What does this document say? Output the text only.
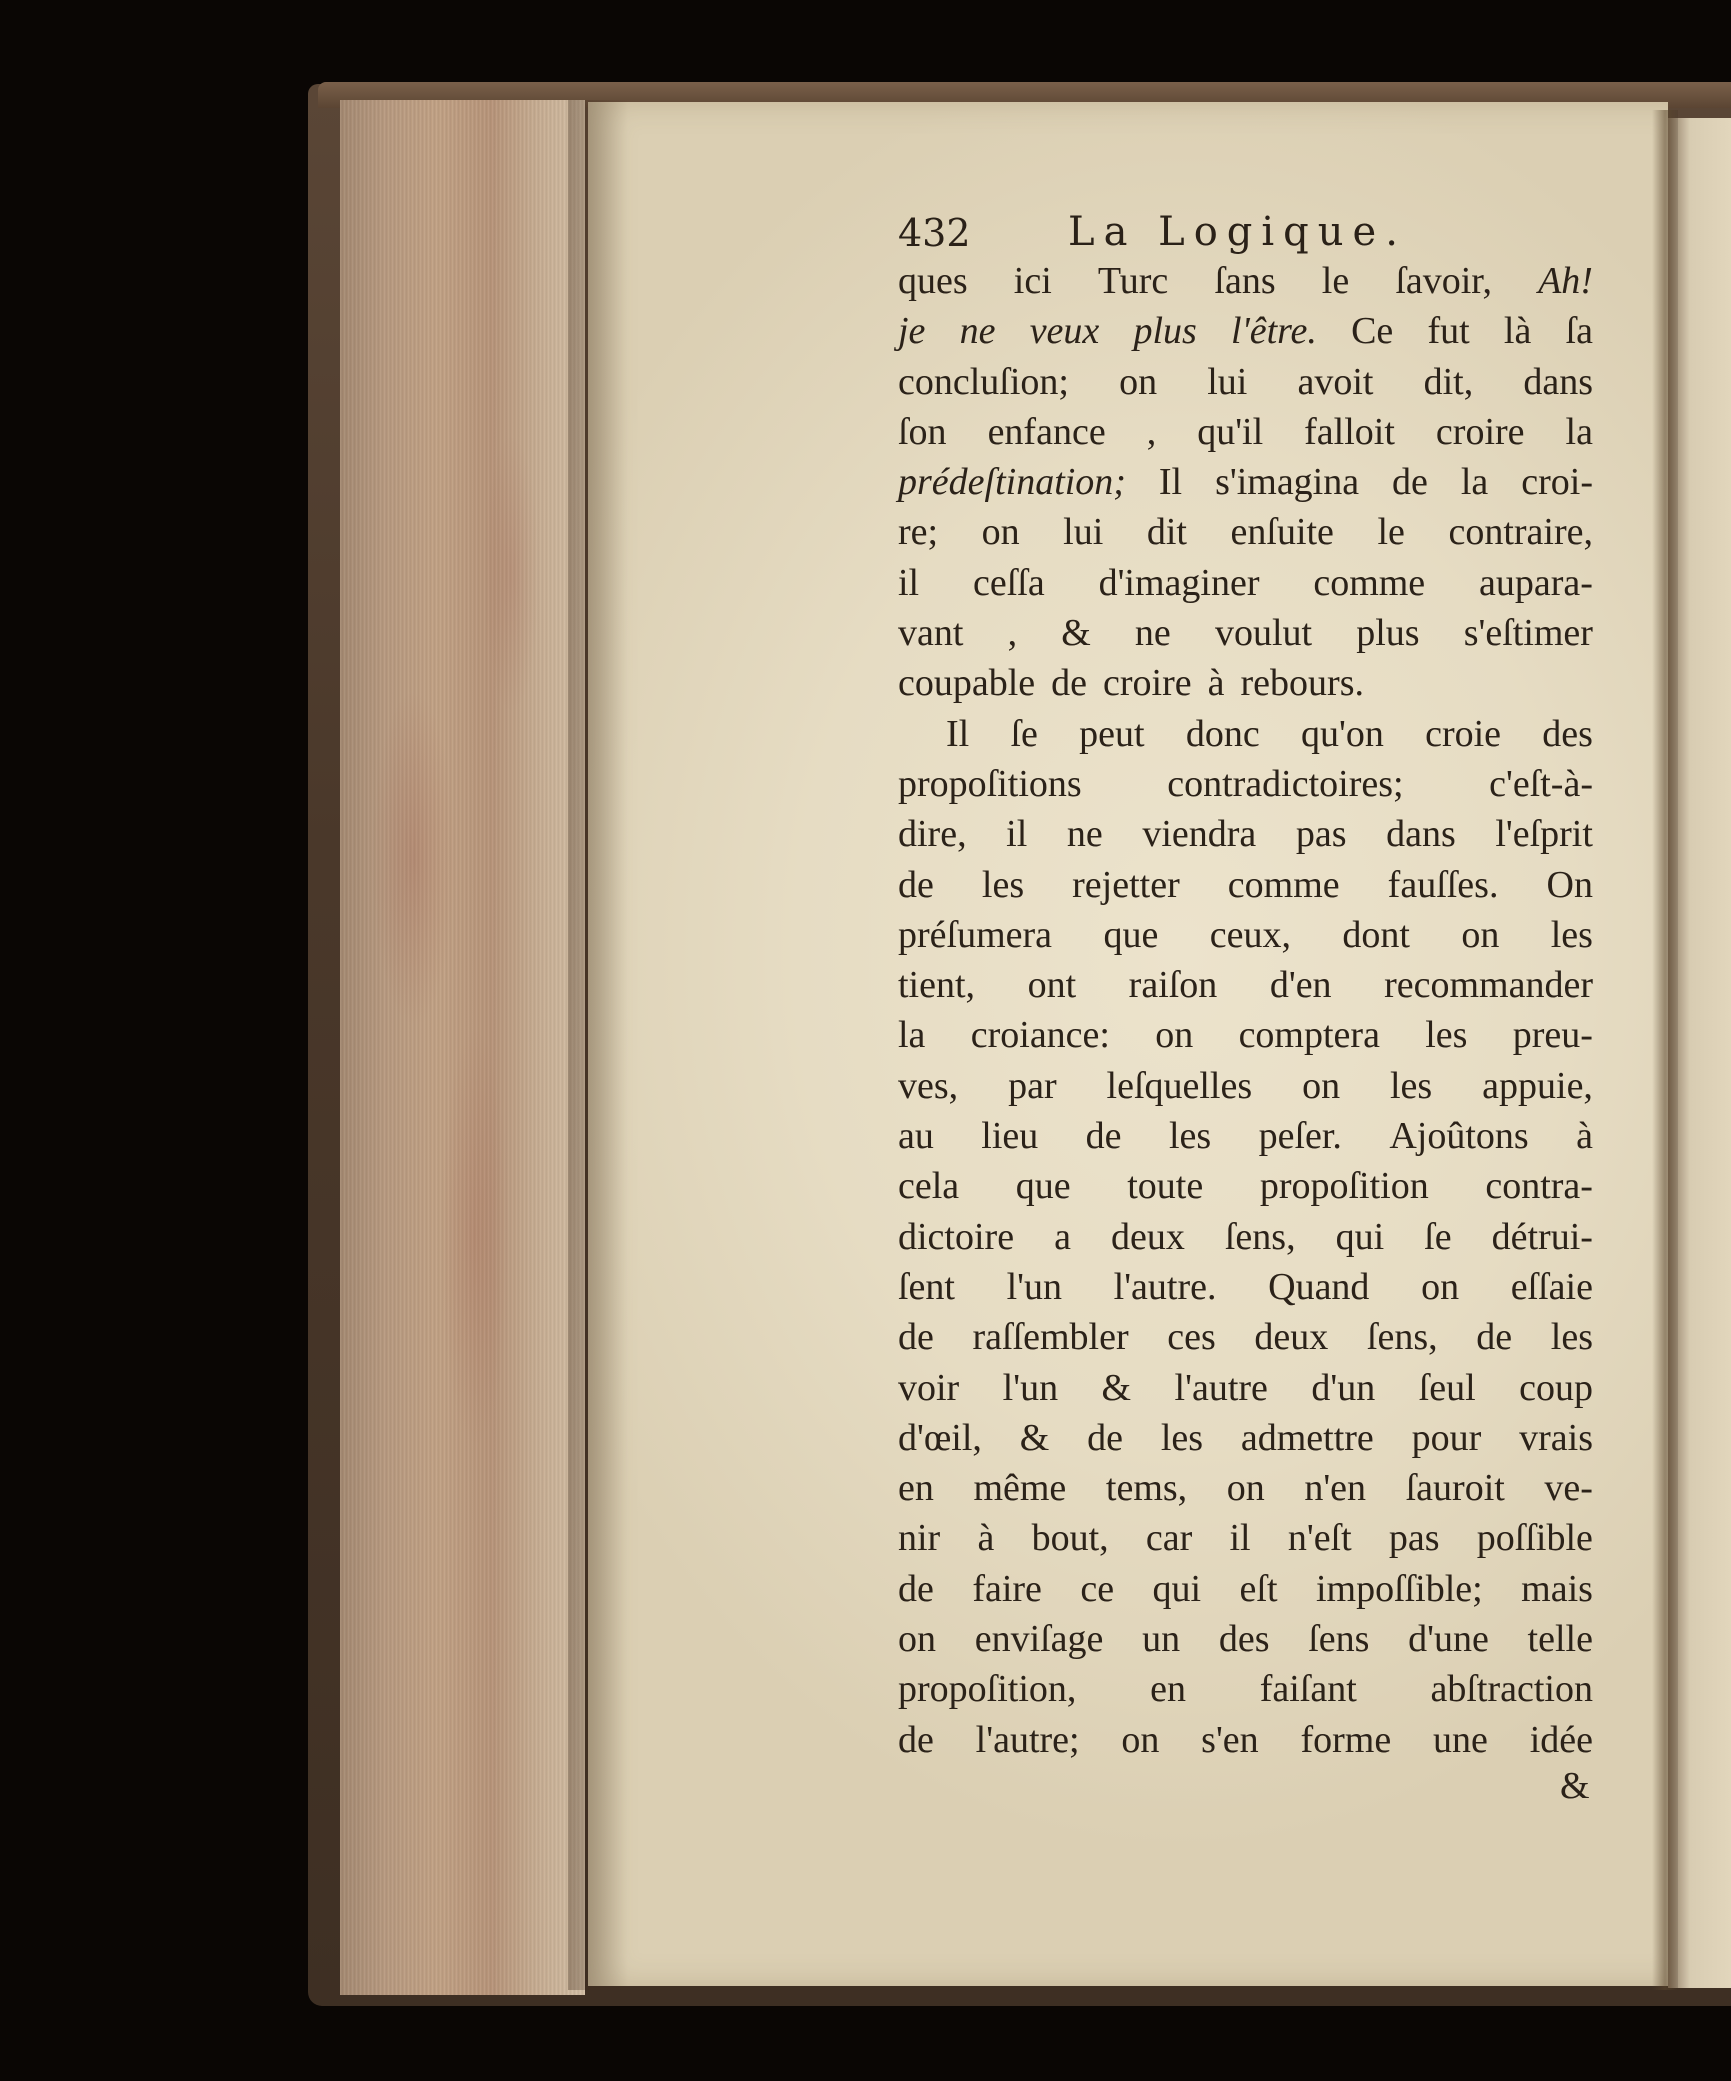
432 La Logique.
ques ici Turc ſans le ſavoir, Ah!
je ne veux plus l'être. Ce fut là ſa
concluſion; on lui avoit dit, dans
ſon enfance , qu'il falloit croire la
prédeſtination; Il s'imagina de la croi-
re; on lui dit enſuite le contraire,
il ceſſa d'imaginer comme aupara-
vant , & ne voulut plus s'eſtimer
coupable de croire à rebours.
Il ſe peut donc qu'on croie des
propoſitions contradictoires; c'eſt-à-
dire, il ne viendra pas dans l'eſprit
de les rejetter comme fauſſes. On
préſumera que ceux, dont on les
tient, ont raiſon d'en recommander
la croiance: on comptera les preu-
ves, par leſquelles on les appuie,
au lieu de les peſer. Ajoûtons à
cela que toute propoſition contra-
dictoire a deux ſens, qui ſe détrui-
ſent l'un l'autre. Quand on eſſaie
de raſſembler ces deux ſens, de les
voir l'un & l'autre d'un ſeul coup
d'œil, & de les admettre pour vrais
en même tems, on n'en ſauroit ve-
nir à bout, car il n'eſt pas poſſible
de faire ce qui eſt impoſſible; mais
on enviſage un des ſens d'une telle
propoſition, en faiſant abſtraction
de l'autre; on s'en forme une idée
&
